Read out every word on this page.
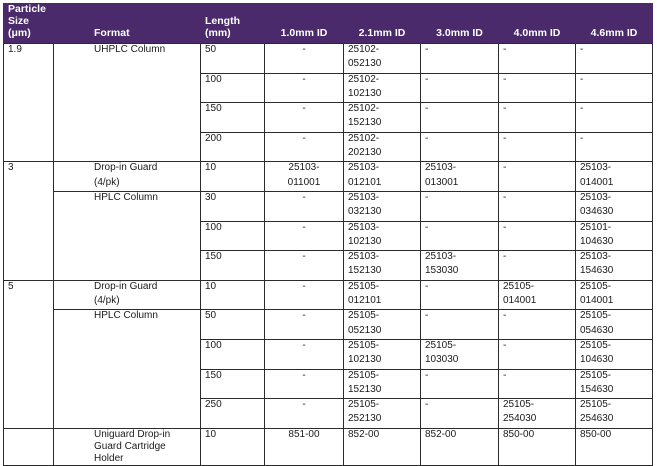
Particle Size (μm)	Format	Length (mm)	1.0mm ID	2.1mm ID	3.0mm ID	4.0mm ID	4.6mm ID
1.9	UHPLC Column	50	-	25102-	-	-	-
				052130			
		100	-	25102-	-	-	-
				102130			
		150	-	25102-	-	-	-
				152130			
		200	-	25102-	-	-	-
				202130			
3	Drop-in Guard	10	25103-	25103-	25103-	-	25103-
	(4/pk)		011001	012101	013001		014001
	HPLC Column	30	-	25103-	-	-	25103-
				032130			034630
		100	-	25103-	-	-	25101-
				102130			104630
		150	-	25103-	25103-	-	25103-
				152130	153030		154630
5	Drop-in Guard	10	-	25105-	-	25105-	25105-
	(4/pk)			012101		014001	014001
	HPLC Column	50	-	25105-	-	-	25105-
				052130			054630
		100	-	25105-	25105-	-	25105-
				102130	103030		104630
		150	-	25105-	-	-	25105-
				152130			154630
		250	-	25105-	-	25105-	25105-
				252130		254030	254630
	Uniguard Drop-in Guard Cartridge Holder	10	851-00	852-00	852-00	850-00	850-00
